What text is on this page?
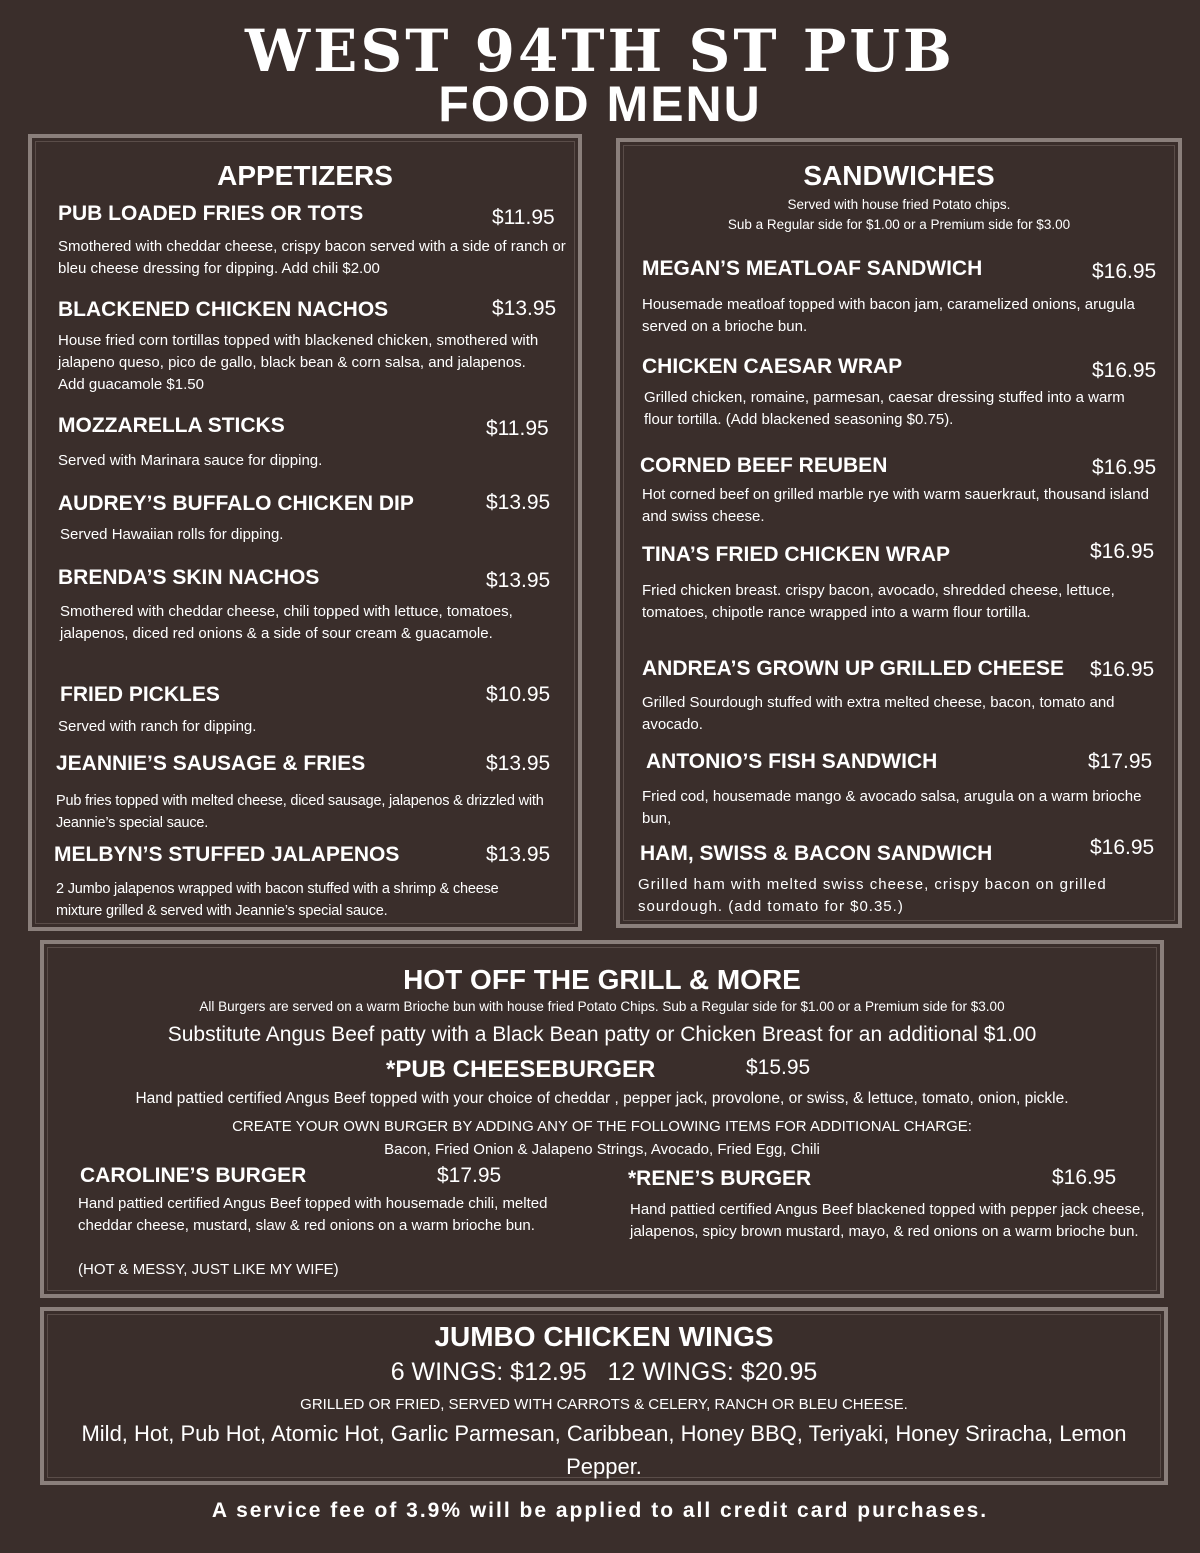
WEST 94TH ST PUB
FOOD MENU
APPETIZERS
PUB LOADED FRIES OR TOTS	$11.95
Smothered with cheddar cheese, crispy bacon served with a side of ranch or bleu cheese dressing for dipping. Add chili $2.00
BLACKENED CHICKEN NACHOS	$13.95
House fried corn tortillas topped with blackened chicken, smothered with jalapeno queso, pico de gallo, black bean & corn salsa, and jalapenos. Add guacamole $1.50
MOZZARELLA STICKS	$11.95
Served with Marinara sauce for dipping.
AUDREY’S BUFFALO CHICKEN DIP	$13.95
Served Hawaiian rolls for dipping.
BRENDA’S SKIN NACHOS	$13.95
Smothered with cheddar cheese, chili topped with lettuce, tomatoes, jalapenos, diced red onions & a side of sour cream & guacamole.
FRIED PICKLES	$10.95
Served with ranch for dipping.
JEANNIE’S SAUSAGE & FRIES	$13.95
Pub fries topped with melted cheese, diced sausage, jalapenos & drizzled with Jeannie’s special sauce.
MELBYN’S STUFFED JALAPENOS	$13.95
2 Jumbo jalapenos wrapped with bacon stuffed with a shrimp & cheese mixture grilled & served with Jeannie’s special sauce.
SANDWICHES
Served with house fried Potato chips.
Sub a Regular side for $1.00 or a Premium side for $3.00
MEGAN’S MEATLOAF SANDWICH	$16.95
Housemade meatloaf topped with bacon jam, caramelized onions, arugula served on a brioche bun.
CHICKEN CAESAR WRAP	$16.95
Grilled chicken, romaine, parmesan, caesar dressing stuffed into a warm flour tortilla. (Add blackened seasoning $0.75).
CORNED BEEF REUBEN	$16.95
Hot corned beef on grilled marble rye with warm sauerkraut, thousand island and swiss cheese.
TINA’S FRIED CHICKEN WRAP	$16.95
Fried chicken breast. crispy bacon, avocado, shredded cheese, lettuce, tomatoes, chipotle rance wrapped into a warm flour tortilla.
ANDREA’S GROWN UP GRILLED CHEESE $16.95
Grilled Sourdough stuffed with extra melted cheese, bacon, tomato and avocado.
ANTONIO’S FISH SANDWICH	$17.95
Fried cod, housemade mango & avocado salsa, arugula on a warm brioche bun,
HAM, SWISS & BACON SANDWICH	$16.95
Grilled ham with melted swiss cheese, crispy bacon on grilled sourdough. (add tomato for $0.35.)
HOT OFF THE GRILL & MORE
All Burgers are served on a warm Brioche bun with house fried Potato Chips. Sub a Regular side for $1.00 or a Premium side for $3.00
Substitute Angus Beef patty with a Black Bean patty or Chicken Breast for an additional $1.00
*PUB CHEESEBURGER	$15.95
Hand pattied certified Angus Beef topped with your choice of cheddar , pepper jack, provolone, or swiss, & lettuce, tomato, onion, pickle.
CREATE YOUR OWN BURGER BY ADDING ANY OF THE FOLLOWING ITEMS FOR ADDITIONAL CHARGE:
Bacon, Fried Onion & Jalapeno Strings, Avocado, Fried Egg, Chili
CAROLINE’S BURGER	$17.95
Hand pattied certified Angus Beef topped with housemade chili, melted cheddar cheese, mustard, slaw & red onions on a warm brioche bun.
(HOT & MESSY, JUST LIKE MY WIFE)
*RENE’S BURGER	$16.95
Hand pattied certified Angus Beef blackened topped with pepper jack cheese, jalapenos, spicy brown mustard, mayo, & red onions on a warm brioche bun.
JUMBO CHICKEN WINGS
6 WINGS: $12.95   12 WINGS: $20.95
GRILLED OR FRIED, SERVED WITH CARROTS & CELERY, RANCH OR BLEU CHEESE.
Mild, Hot, Pub Hot, Atomic Hot, Garlic Parmesan, Caribbean, Honey BBQ, Teriyaki, Honey Sriracha, Lemon Pepper.
A service fee of 3.9% will be applied to all credit card purchases.
